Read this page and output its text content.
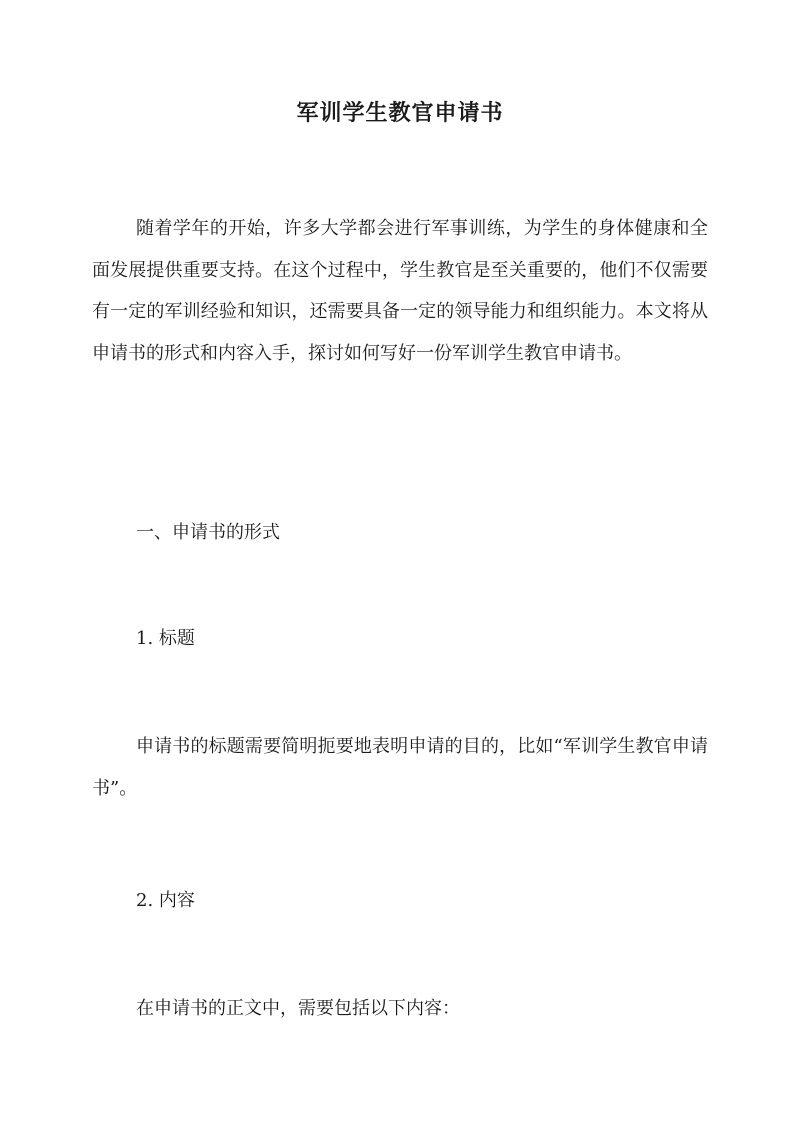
军训学生教官申请书

随着学年的开始，许多大学都会进行军事训练，为学生的身体健康和全面发展提供重要支持。在这个过程中，学生教官是至关重要的，他们不仅需要有一定的军训经验和知识，还需要具备一定的领导能力和组织能力。本文将从申请书的形式和内容入手，探讨如何写好一份军训学生教官申请书。

一、申请书的形式

1. 标题

申请书的标题需要简明扼要地表明申请的目的，比如“军训学生教官申请书”。

2. 内容

在申请书的正文中，需要包括以下内容：
